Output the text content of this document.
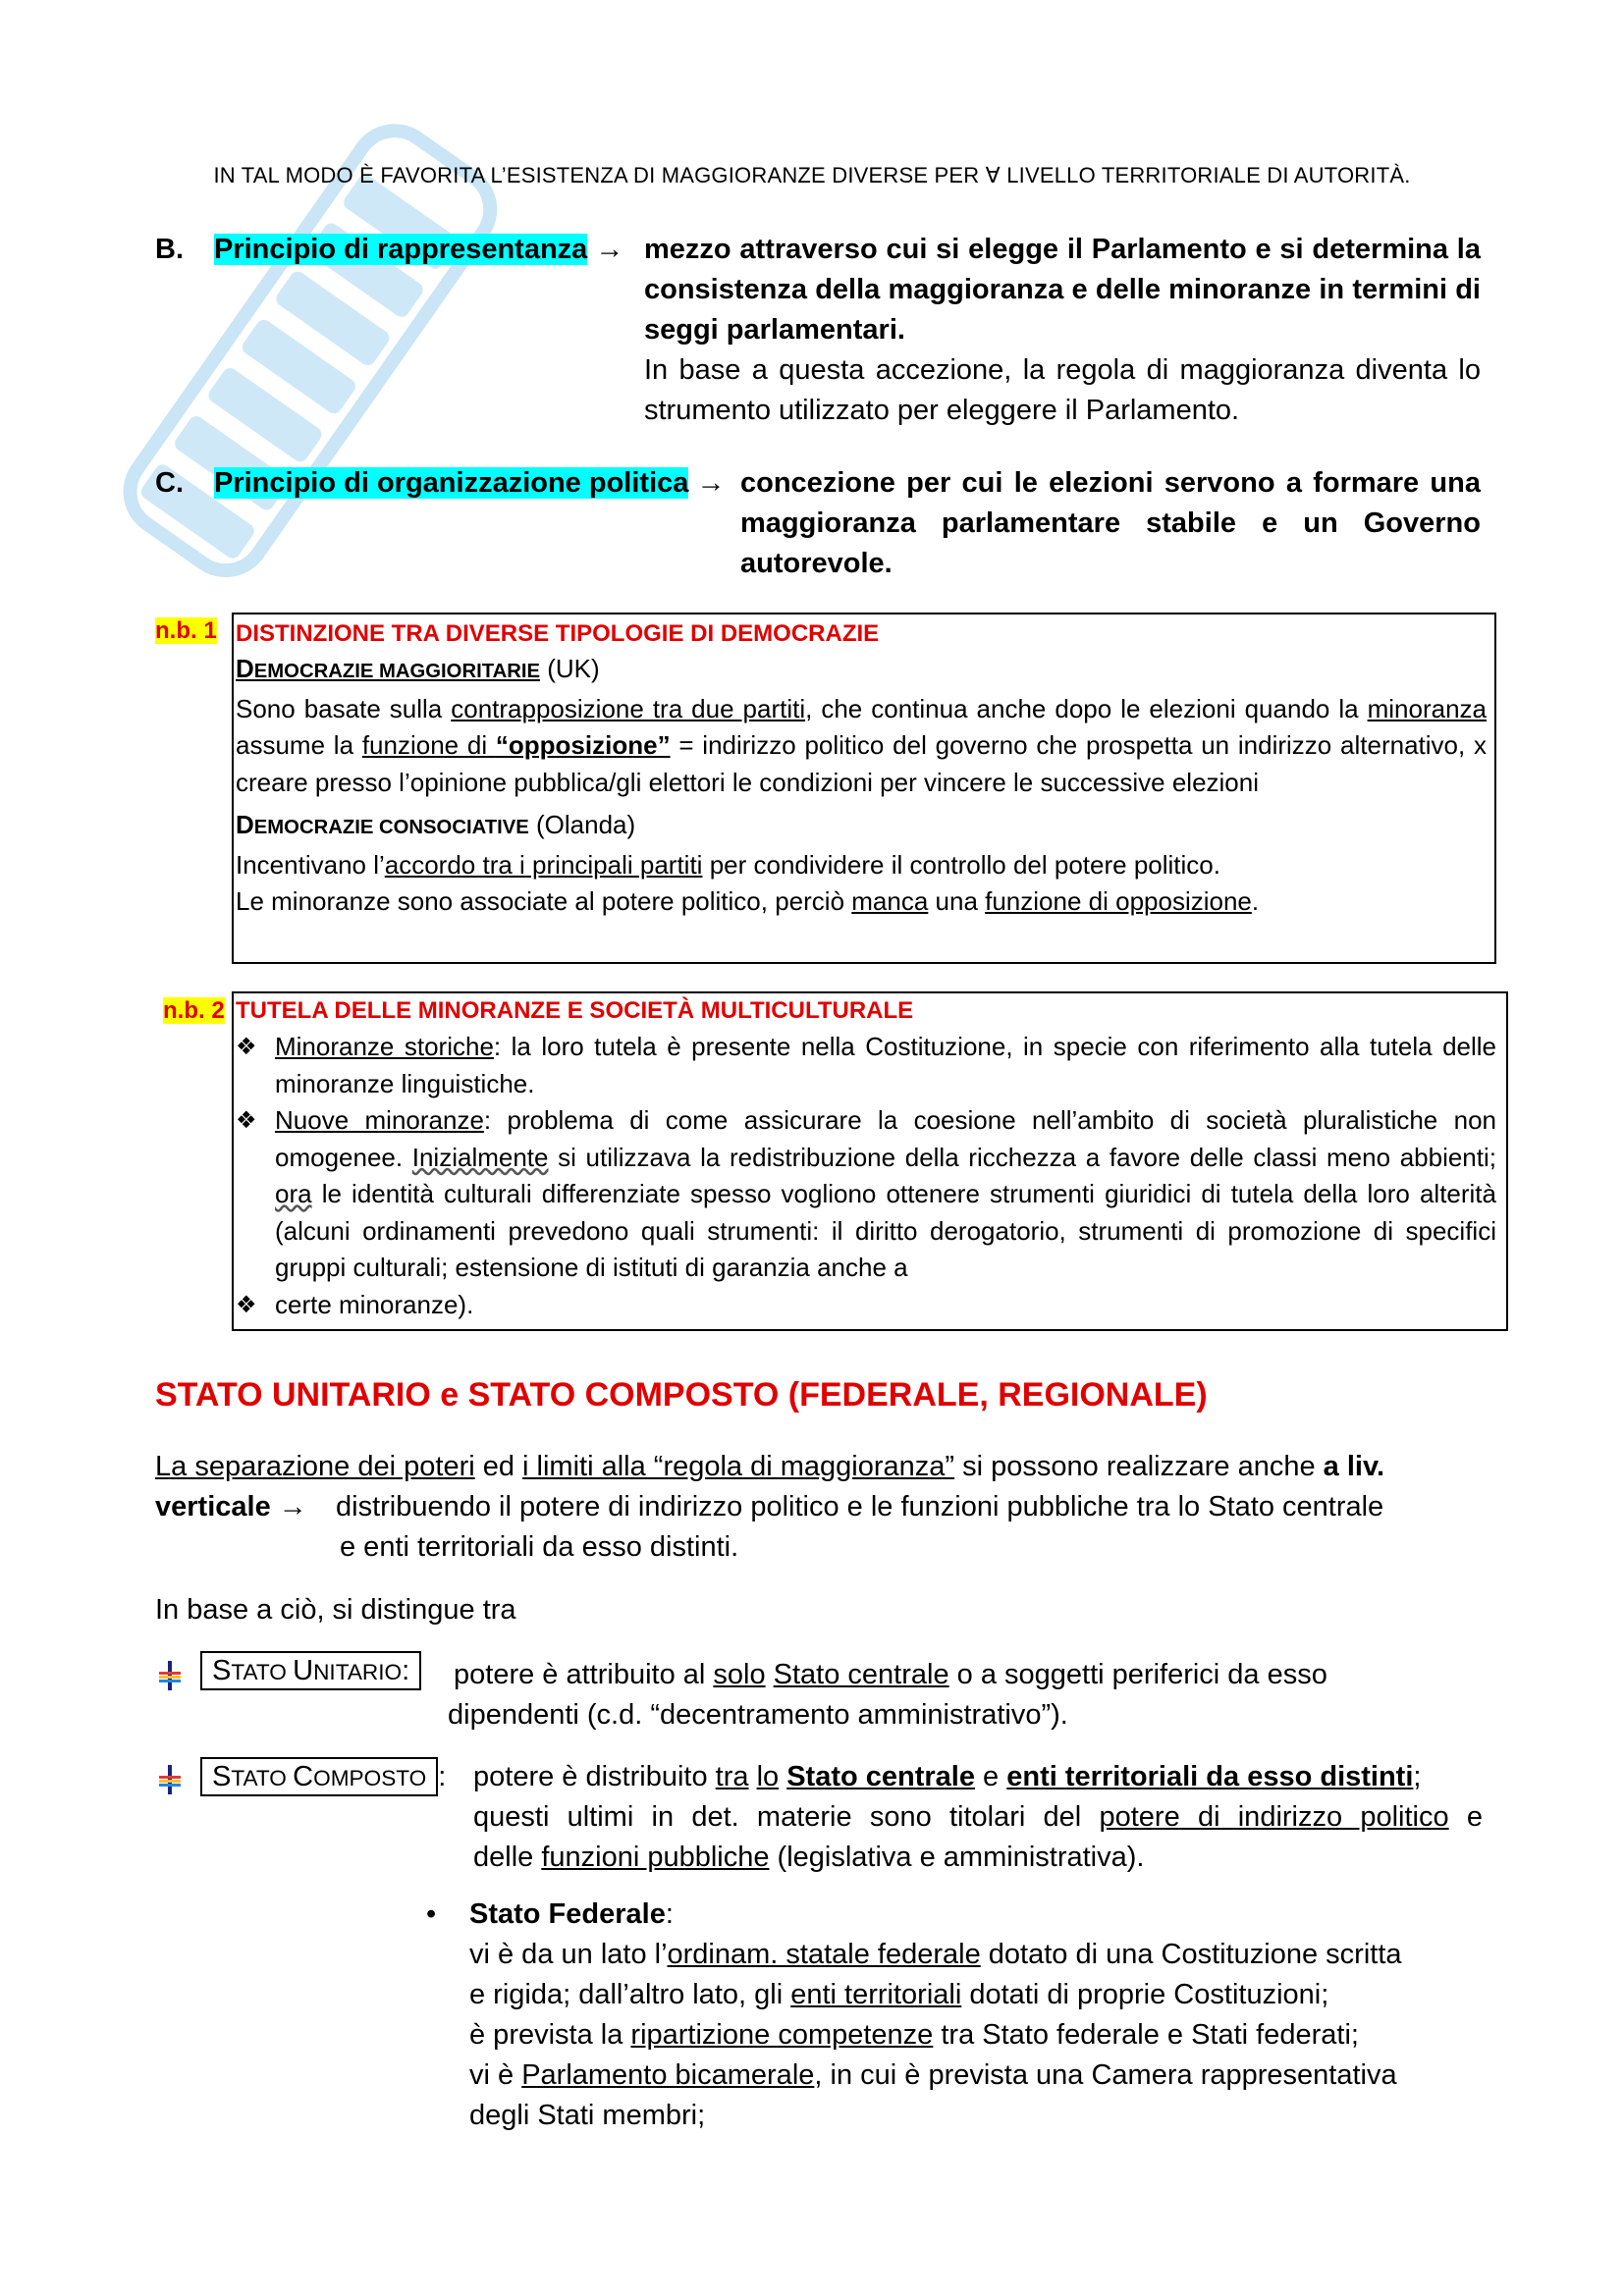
IN TAL MODO È FAVORITA L’ESISTENZA DI MAGGIORANZE DIVERSE PER ∀ LIVELLO TERRITORIALE DI AUTORITÀ.
B.	Principio di rappresentanza → mezzo attraverso cui si elegge il Parlamento e si determina la consistenza della maggioranza e delle minoranze in termini di seggi parlamentari.
In base a questa accezione, la regola di maggioranza diventa lo strumento utilizzato per eleggere il Parlamento.
C. Principio di organizzazione politica → concezione per cui le elezioni servono a formare una maggioranza parlamentare stabile e un Governo autorevole.
n.b. 1 DISTINZIONE TRA DIVERSE TIPOLOGIE DI DEMOCRAZIE
DEMOCRAZIE MAGGIORITARIE (UK)
Sono basate sulla contrapposizione tra due partiti, che continua anche dopo le elezioni quando la minoranza assume la funzione di “opposizione” = indirizzo politico del governo che prospetta un indirizzo alternativo, x creare presso l’opinione pubblica/gli elettori le condizioni per vincere le successive elezioni
DEMOCRAZIE CONSOCIATIVE (Olanda)
Incentivano l’accordo tra i principali partiti per condividere il controllo del potere politico.
Le minoranze sono associate al potere politico, perciò manca una funzione di opposizione.
n.b. 2 TUTELA DELLE MINORANZE E SOCIETÀ MULTICULTURALE
❖ Minoranze storiche: la loro tutela è presente nella Costituzione, in specie con riferimento alla tutela delle minoranze linguistiche.
❖ Nuove minoranze: problema di come assicurare la coesione nell’ambito di società pluralistiche non omogenee. Inizialmente si utilizzava la redistribuzione della ricchezza a favore delle classi meno abbienti; ora le identità culturali differenziate spesso vogliono ottenere strumenti giuridici di tutela della loro alterità (alcuni ordinamenti prevedono quali strumenti: il diritto derogatorio, strumenti di promozione di specifici gruppi culturali; estensione di istituti di garanzia anche a
❖ certe minoranze).
STATO UNITARIO e STATO COMPOSTO (FEDERALE, REGIONALE)
La separazione dei poteri ed i limiti alla “regola di maggioranza” si possono realizzare anche a liv.
verticale → distribuendo il potere di indirizzo politico e le funzioni pubbliche tra lo Stato centrale
e enti territoriali da esso distinti.
In base a ciò, si distingue tra
STATO UNITARIO:	potere è attribuito al solo Stato centrale o a soggetti periferici da esso
dipendenti (c.d. “decentramento amministrativo”).
STATO COMPOSTO : potere è distribuito tra lo Stato centrale e enti territoriali da esso distinti;
questi ultimi in det. materie sono titolari del potere di indirizzo politico e
delle funzioni pubbliche (legislativa e amministrativa).
• Stato Federale:
vi è da un lato l’ordinam. statale federale dotato di una Costituzione scritta
e rigida; dall’altro lato, gli enti territoriali dotati di proprie Costituzioni;
è prevista la ripartizione competenze tra Stato federale e Stati federati;
vi è Parlamento bicamerale, in cui è prevista una Camera rappresentativa
degli Stati membri;
